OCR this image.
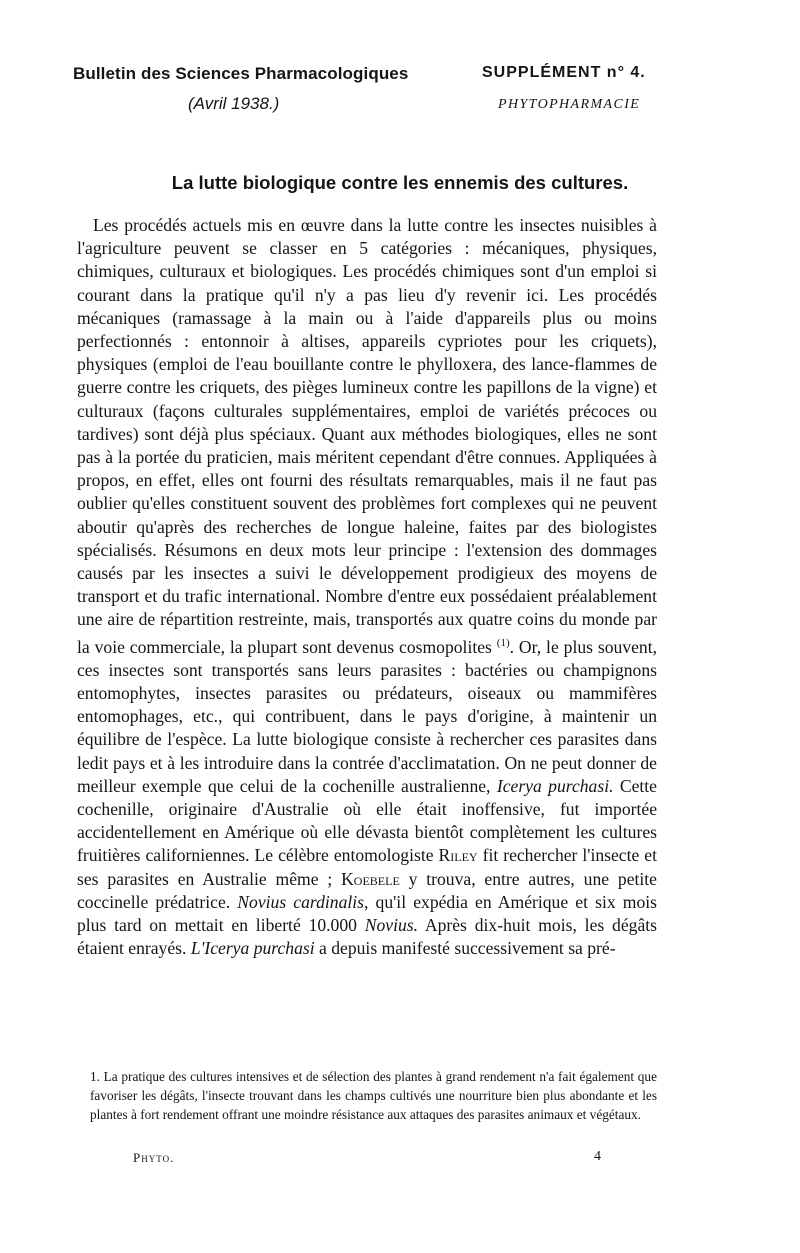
Bulletin des Sciences Pharmacologiques
(Avril 1938.)
SUPPLÉMENT n° 4.
PHYTOPHARMACIE
La lutte biologique contre les ennemis des cultures.

Les procédés actuels mis en œuvre dans la lutte contre les insectes nuisibles à l'agriculture peuvent se classer en 5 catégories : mécaniques, physiques, chimiques, culturaux et biologiques. Les procédés chimiques sont d'un emploi si courant dans la pratique qu'il n'y a pas lieu d'y revenir ici. Les procédés mécaniques (ramassage à la main ou à l'aide d'appareils plus ou moins perfectionnés : entonnoir à altises, appareils cypriotes pour les criquets), physiques (emploi de l'eau bouillante contre le phylloxera, des lance-flammes de guerre contre les criquets, des pièges lumineux contre les papillons de la vigne) et culturaux (façons culturales supplémentaires, emploi de variétés précoces ou tardives) sont déjà plus spéciaux. Quant aux méthodes biologiques, elles ne sont pas à la portée du praticien, mais méritent cependant d'être connues. Appliquées à propos, en effet, elles ont fourni des résultats remarquables, mais il ne faut pas oublier qu'elles constituent souvent des problèmes fort complexes qui ne peuvent aboutir qu'après des recherches de longue haleine, faites par des biologistes spécialisés. Résumons en deux mots leur principe : l'extension des dommages causés par les insectes a suivi le développement prodigieux des moyens de transport et du trafic international. Nombre d'entre eux possédaient préalablement une aire de répartition restreinte, mais, transportés aux quatre coins du monde par la voie commerciale, la plupart sont devenus cosmopolites $^{(1)}$. Or, le plus souvent, ces insectes sont transportés sans leurs parasites : bactéries ou champignons entomophytes, insectes parasites ou prédateurs, oiseaux ou mammifères entomophages, etc., qui contribuent, dans le pays d'origine, à maintenir un équilibre de l'espèce. La lutte biologique consiste à rechercher ces parasites dans ledit pays et à les introduire dans la contrée d'acclimatation. On ne peut donner de meilleur exemple que celui de la cochenille australienne, Icerya purchasi. Cette cochenille, originaire d'Australie où elle était inoffensive, fut importée accidentellement en Amérique où elle dévasta bientôt complètement les cultures fruitières californiennes. Le célèbre entomologiste Riley fit rechercher l'insecte et ses parasites en Australie même ; Koebele y trouva, entre autres, une petite coccinelle prédatrice. Novius cardinalis, qu'il expédia en Amérique et six mois plus tard on mettait en liberté 10.000 Novius. Après dix-huit mois, les dégâts étaient enrayés. L'Icerya purchasi a depuis manifesté successivement sa pré-

1. La pratique des cultures intensives et de sélection des plantes à grand rendement n'a fait également que favoriser les dégâts, l'insecte trouvant dans les champs cultivés une nourriture bien plus abondante et les plantes à fort rendement offrant une moindre résistance aux attaques des parasites animaux et végétaux.

Phyto.	4
